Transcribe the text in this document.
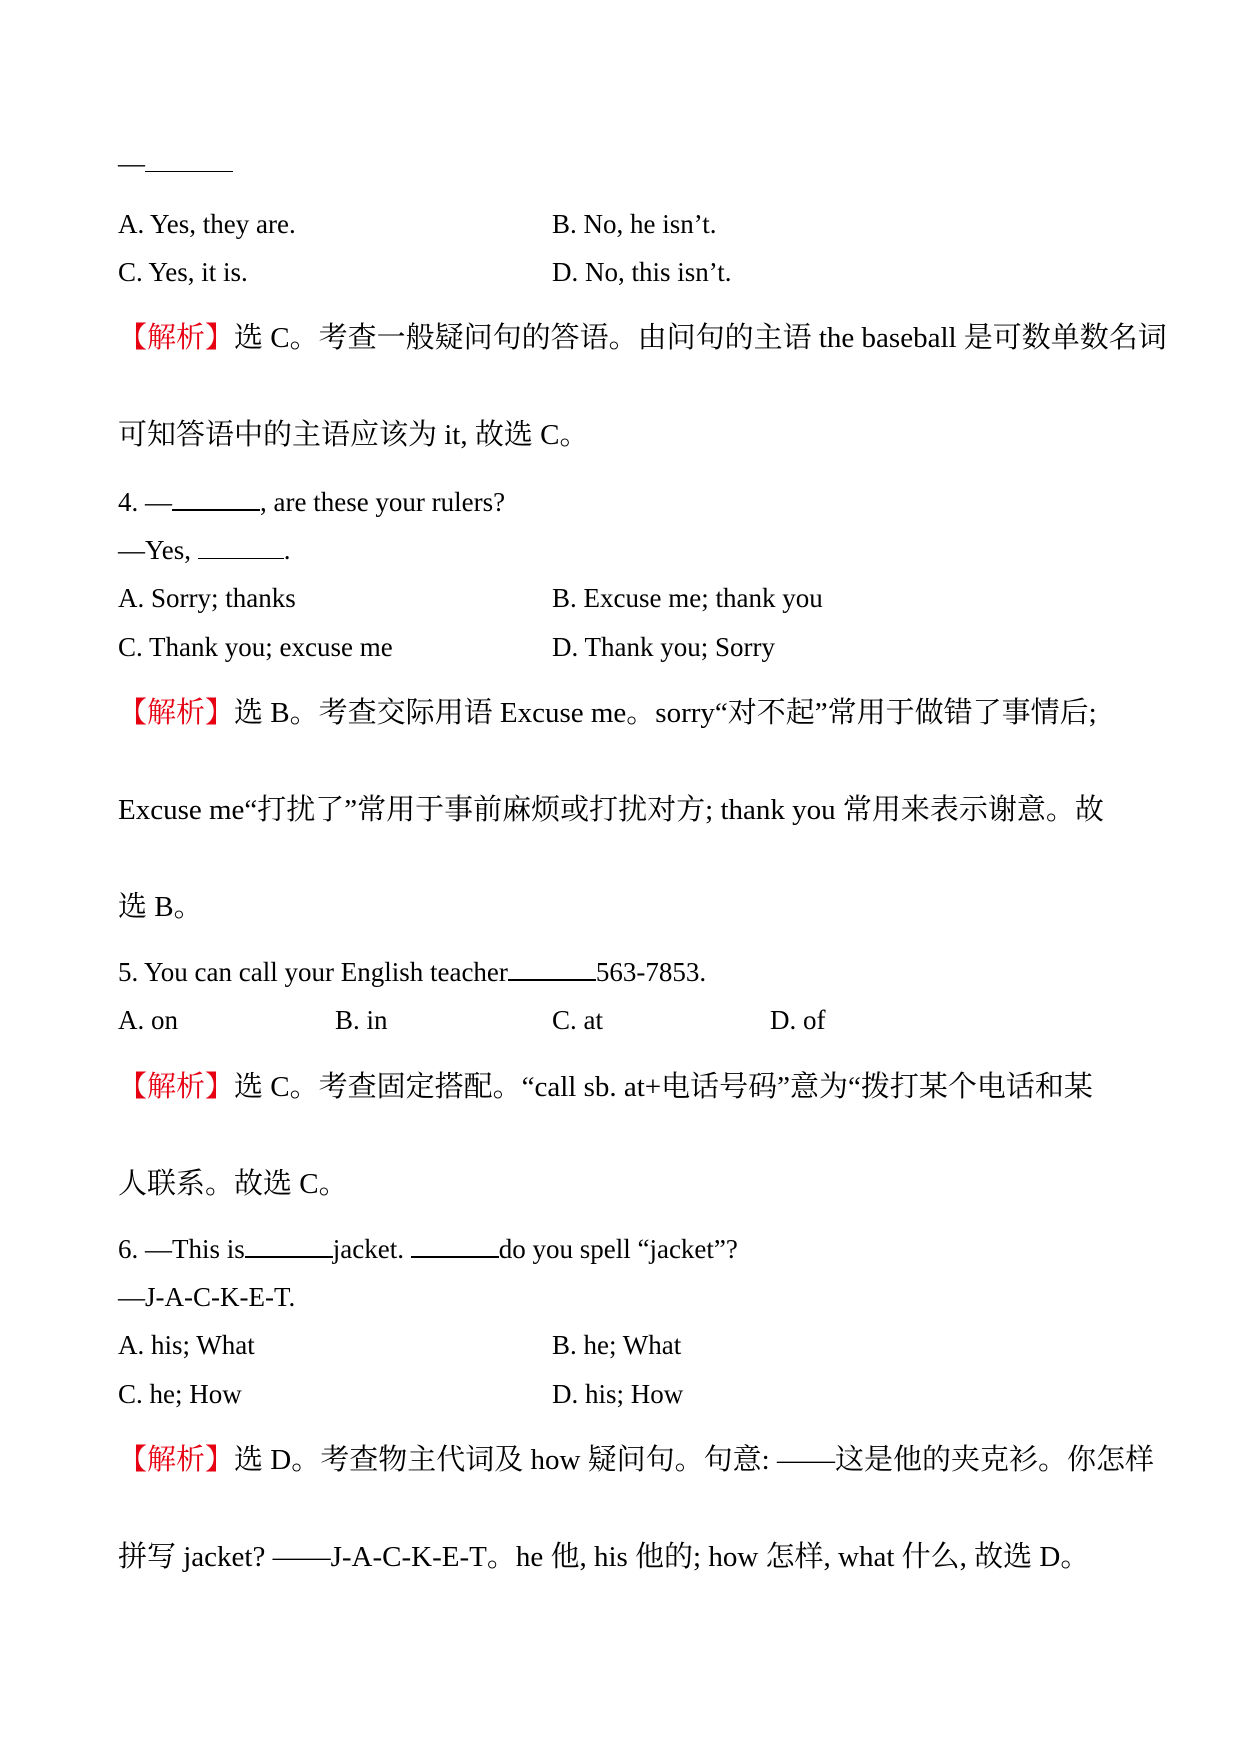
—
A. Yes, they are.	B. No, he isn’t.
C. Yes, it is.	D. No, this isn’t.
【解析】选 C。考查一般疑问句的答语。由问句的主语 the baseball 是可数单数名词
可知答语中的主语应该为 it, 故选 C。
4. —	, are these your rulers?
—Yes,	.
A. Sorry; thanks	B. Excuse me; thank you
C. Thank you; excuse me	D. Thank you; Sorry
【解析】选 B。考查交际用语 Excuse me。sorry“对不起”常用于做错了事情后;
Excuse me“打扰了”常用于事前麻烦或打扰对方; thank you 常用来表示谢意。故
选 B。
5. You can call your English teacher	563-7853.
A. on	B. in	C. at	D. of
【解析】选 C。考查固定搭配。“call sb. at+电话号码”意为“拨打某个电话和某
人联系。故选 C。
6. —This is	jacket.	do you spell “jacket”?
—J-A-C-K-E-T.
A. his; What	B. he; What
C. he; How	D. his; How
【解析】选 D。考查物主代词及 how 疑问句。句意: ——这是他的夹克衫。你怎样
拼写 jacket? ——J-A-C-K-E-T。he 他, his 他的; how 怎样, what 什么, 故选 D。
